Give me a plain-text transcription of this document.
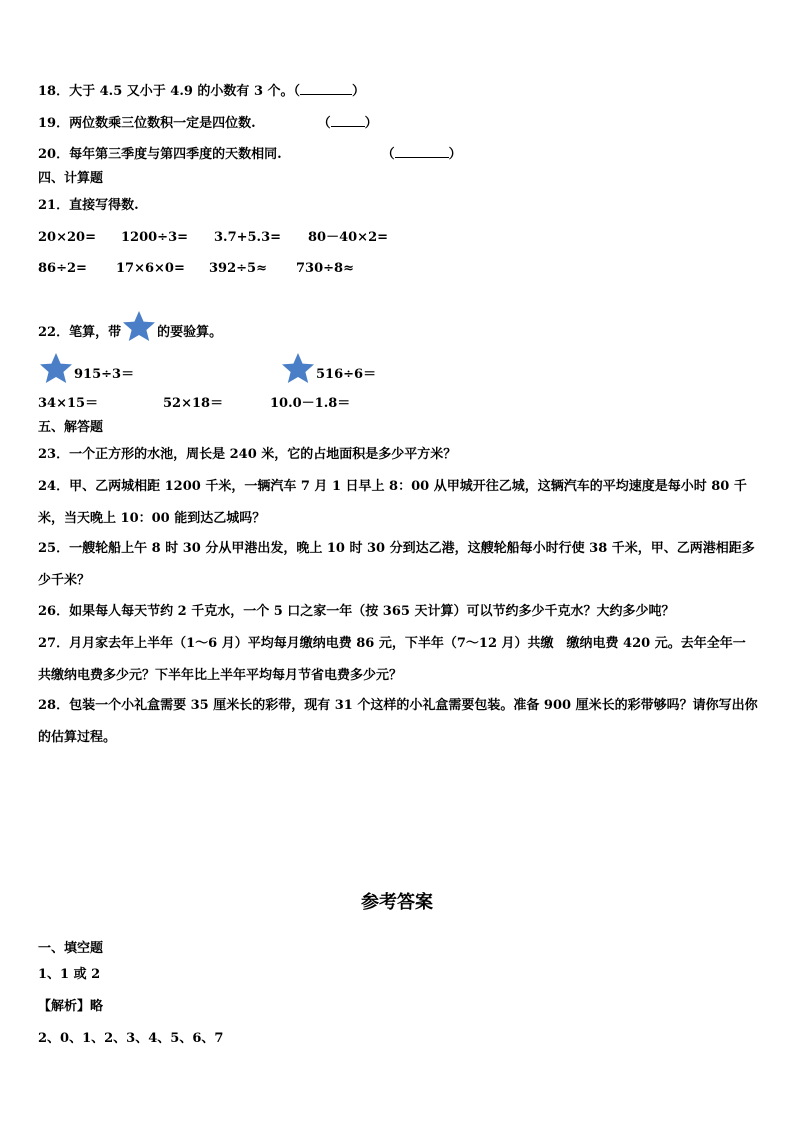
18．大于 4.5 又小于 4.9 的小数有 3 个。（	）
19．两位数乘三位数积一定是四位数.	（	）
20．每年第三季度与第四季度的天数相同.	（	）
四、计算题
21．直接写得数.
20×20= 1200÷3= 3.7+5.3= 80－40×2=
86÷2= 17×6×0= 392÷5≈ 730÷8≈
22．笔算，带	的要验算。
915÷3＝	516÷6＝
34×15＝	52×18＝	10.0－1.8＝
五、解答题
23．一个正方形的水池，周长是 240 米，它的占地面积是多少平方米？
24．甲、乙两城相距 1200 千米，一辆汽车 7 月 1 日早上 8：00 从甲城开往乙城，这辆汽车的平均速度是每小时 80 千米，当天晚上 10：00 能到达乙城吗？
25．一艘轮船上午 8 时 30 分从甲港出发，晚上 10 时 30 分到达乙港，这艘轮船每小时行使 38 千米，甲、乙两港相距多少千米？
26．如果每人每天节约 2 千克水，一个 5 口之家一年（按 365 天计算）可以节约多少千克水？大约多少吨？
27．月月家去年上半年（1～6 月）平均每月缴纳电费 86 元，下半年（7～12 月）共缴　缴纳电费 420 元。去年全年一共缴纳电费多少元？下半年比上半年平均每月节省电费多少元？
28．包装一个小礼盒需要 35 厘米长的彩带，现有 31 个这样的小礼盒需要包装。准备 900 厘米长的彩带够吗？请你写出你的估算过程。
参考答案
一、填空题
1、1 或 2
【解析】略
2、0、1、2、3、4、5、6、7
